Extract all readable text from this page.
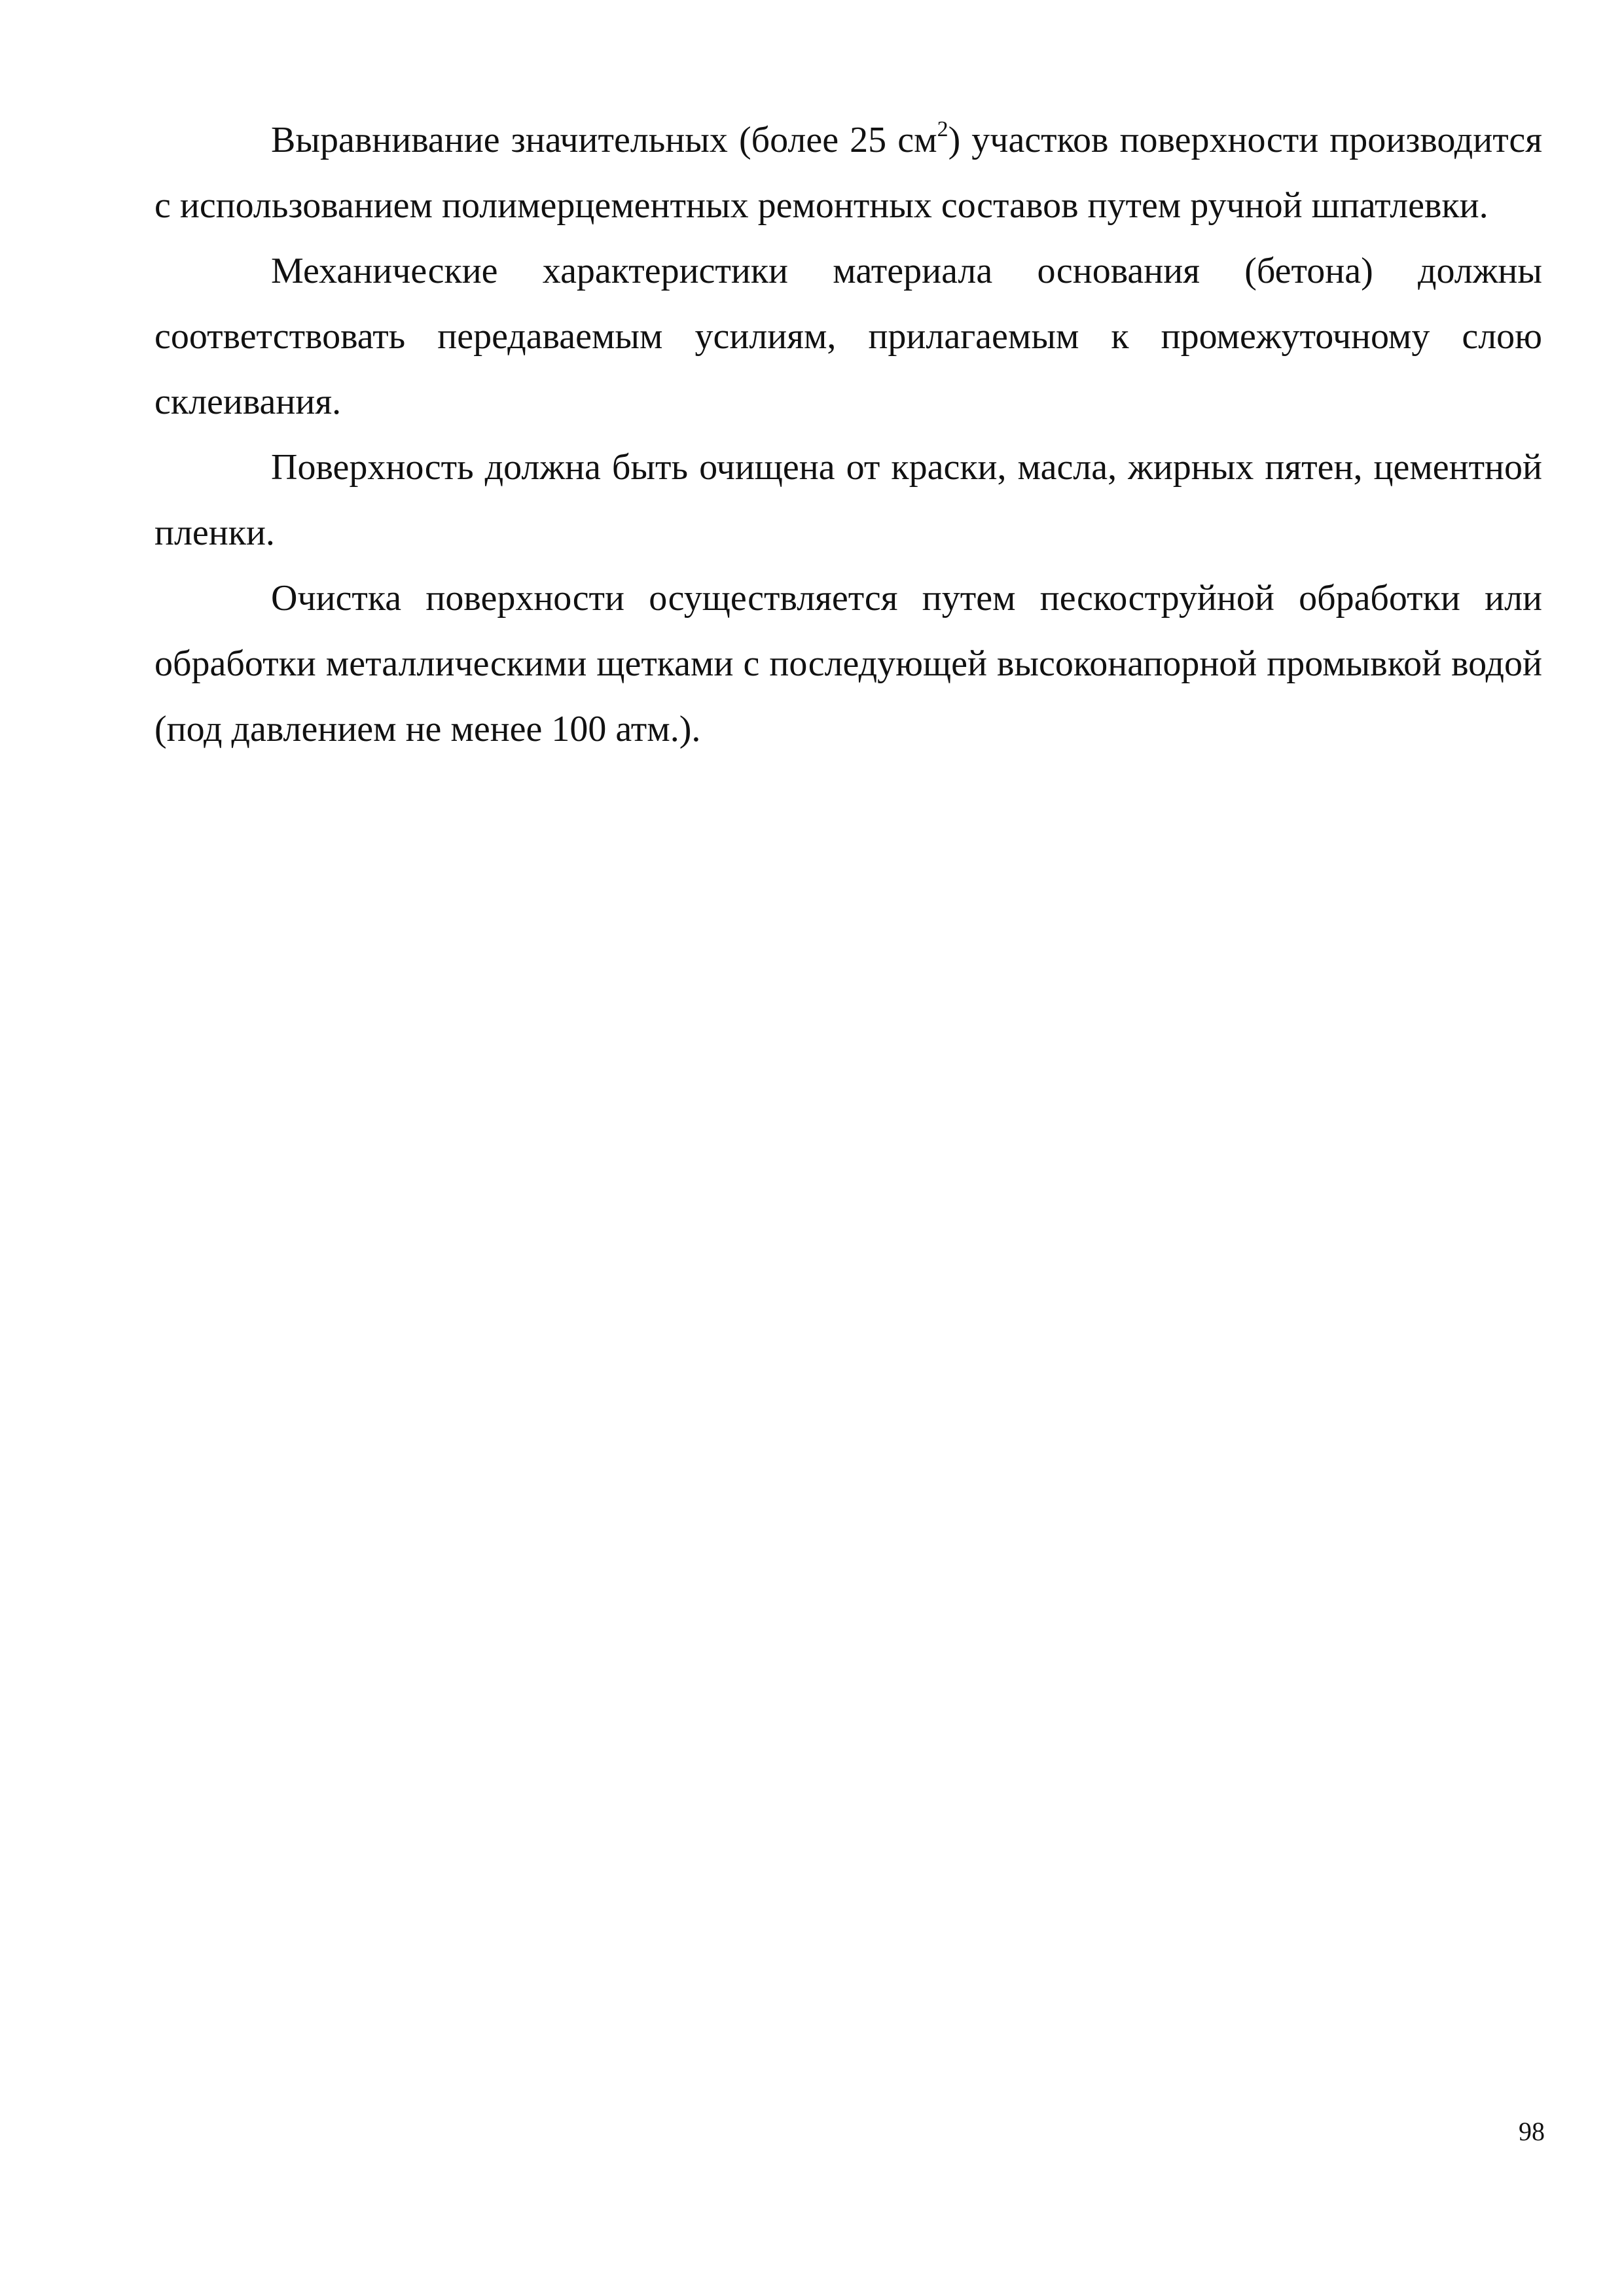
Выравнивание значительных (более 25 $см^2$) участков поверхности производится с использованием полимерцементных ремонтных составов путем ручной шпатлевки.

Механические характеристики материала основания (бетона) должны соответствовать передаваемым усилиям, прилагаемым к промежуточному слою склеивания.

Поверхность должна быть очищена от краски, масла, жирных пятен, цементной пленки.

Очистка поверхности осуществляется путем пескоструйной обработки или обработки металлическими щетками с последующей высоконапорной промывкой водой (под давлением не менее 100 атм.).

98
